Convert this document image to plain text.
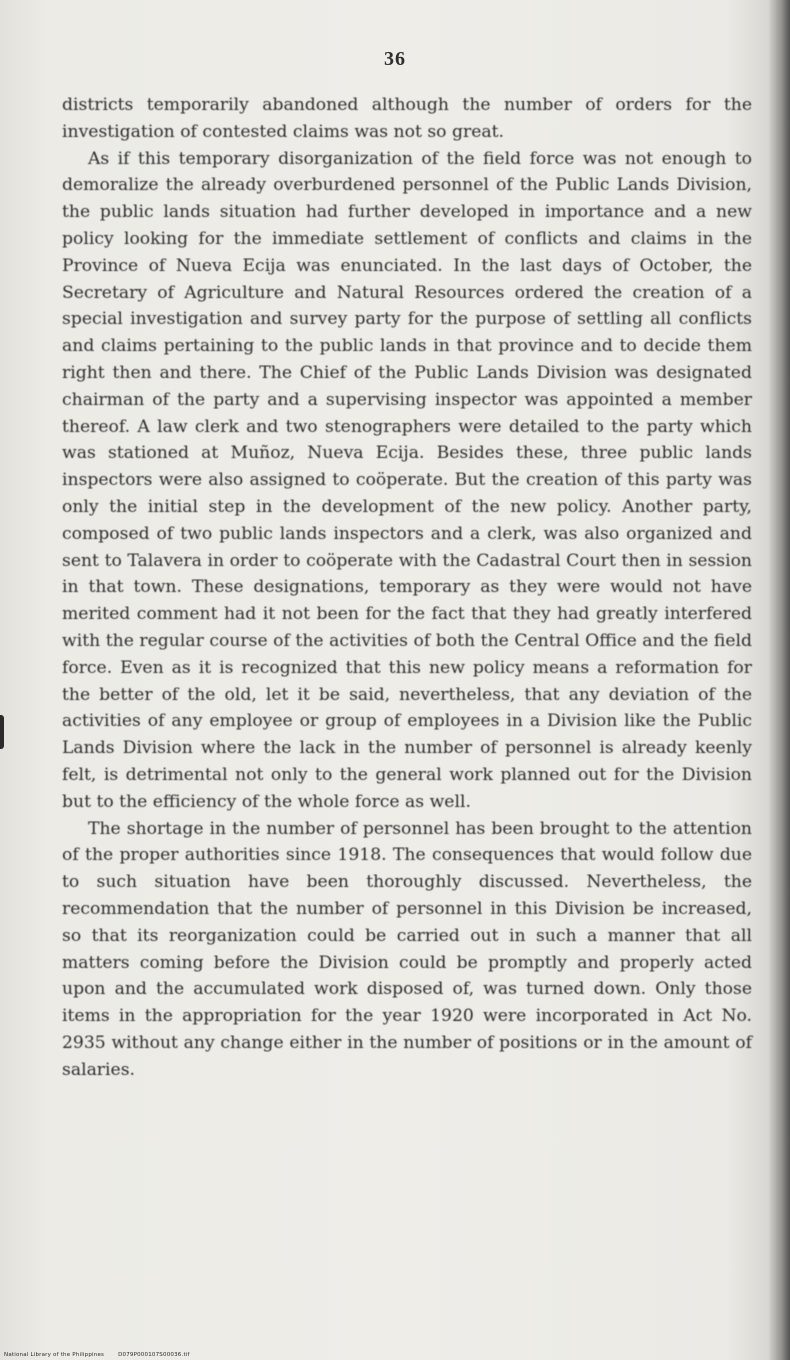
36

districts temporarily abandoned although the number of orders for the investigation of contested claims was not so great.

As if this temporary disorganization of the field force was not enough to demoralize the already overburdened personnel of the Public Lands Division, the public lands situation had further developed in importance and a new policy looking for the immediate settlement of conflicts and claims in the Province of Nueva Ecija was enunciated. In the last days of October, the Secretary of Agriculture and Natural Resources ordered the creation of a special investigation and survey party for the purpose of settling all conflicts and claims pertaining to the public lands in that province and to decide them right then and there. The Chief of the Public Lands Division was designated chairman of the party and a supervising inspector was appointed a member thereof. A law clerk and two stenographers were detailed to the party which was stationed at Muñoz, Nueva Ecija. Besides these, three public lands inspectors were also assigned to coöperate. But the creation of this party was only the initial step in the development of the new policy. Another party, composed of two public lands inspectors and a clerk, was also organized and sent to Talavera in order to coöperate with the Cadastral Court then in session in that town. These designations, temporary as they were would not have merited comment had it not been for the fact that they had greatly interfered with the regular course of the activities of both the Central Office and the field force. Even as it is recognized that this new policy means a reformation for the better of the old, let it be said, nevertheless, that any deviation of the activities of any employee or group of employees in a Division like the Public Lands Division where the lack in the number of personnel is already keenly felt, is detrimental not only to the general work planned out for the Division but to the efficiency of the whole force as well.

The shortage in the number of personnel has been brought to the attention of the proper authorities since 1918. The consequences that would follow due to such situation have been thoroughly discussed. Nevertheless, the recommendation that the number of personnel in this Division be increased, so that its reorganization could be carried out in such a manner that all matters coming before the Division could be promptly and properly acted upon and the accumulated work disposed of, was turned down. Only those items in the appropriation for the year 1920 were incorporated in Act No. 2935 without any change either in the number of positions or in the amount of salaries.

National Library of the Philippines	D079P000107S00036.tif
